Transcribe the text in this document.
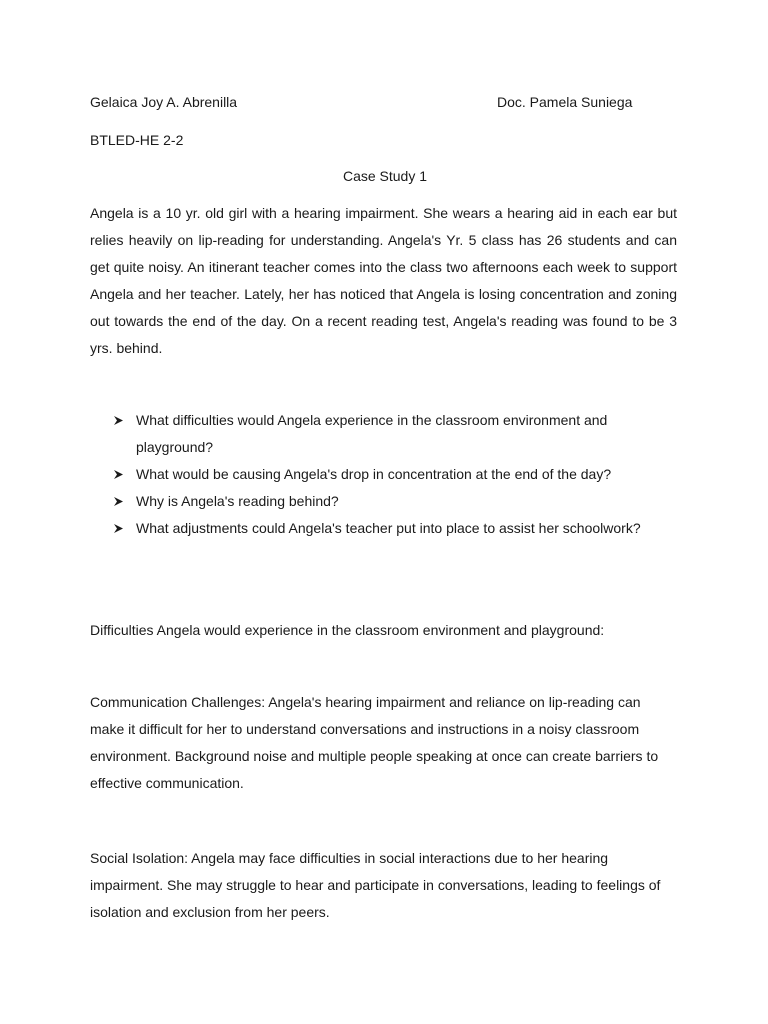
Gelaica Joy A. Abrenilla	Doc. Pamela Suniega
BTLED-HE 2-2
Case Study 1
Angela is a 10 yr. old girl with a hearing impairment. She wears a hearing aid in each ear but relies heavily on lip-reading for understanding. Angela's Yr. 5 class has 26 students and can get quite noisy. An itinerant teacher comes into the class two afternoons each week to support Angela and her teacher. Lately, her has noticed that Angela is losing concentration and zoning out towards the end of the day. On a recent reading test, Angela's reading was found to be 3 yrs. behind.
What difficulties would Angela experience in the classroom environment and playground?
What would be causing Angela's drop in concentration at the end of the day?
Why is Angela's reading behind?
What adjustments could Angela's teacher put into place to assist her schoolwork?
Difficulties Angela would experience in the classroom environment and playground:
Communication Challenges: Angela's hearing impairment and reliance on lip-reading can make it difficult for her to understand conversations and instructions in a noisy classroom environment. Background noise and multiple people speaking at once can create barriers to effective communication.
Social Isolation: Angela may face difficulties in social interactions due to her hearing impairment. She may struggle to hear and participate in conversations, leading to feelings of isolation and exclusion from her peers.
